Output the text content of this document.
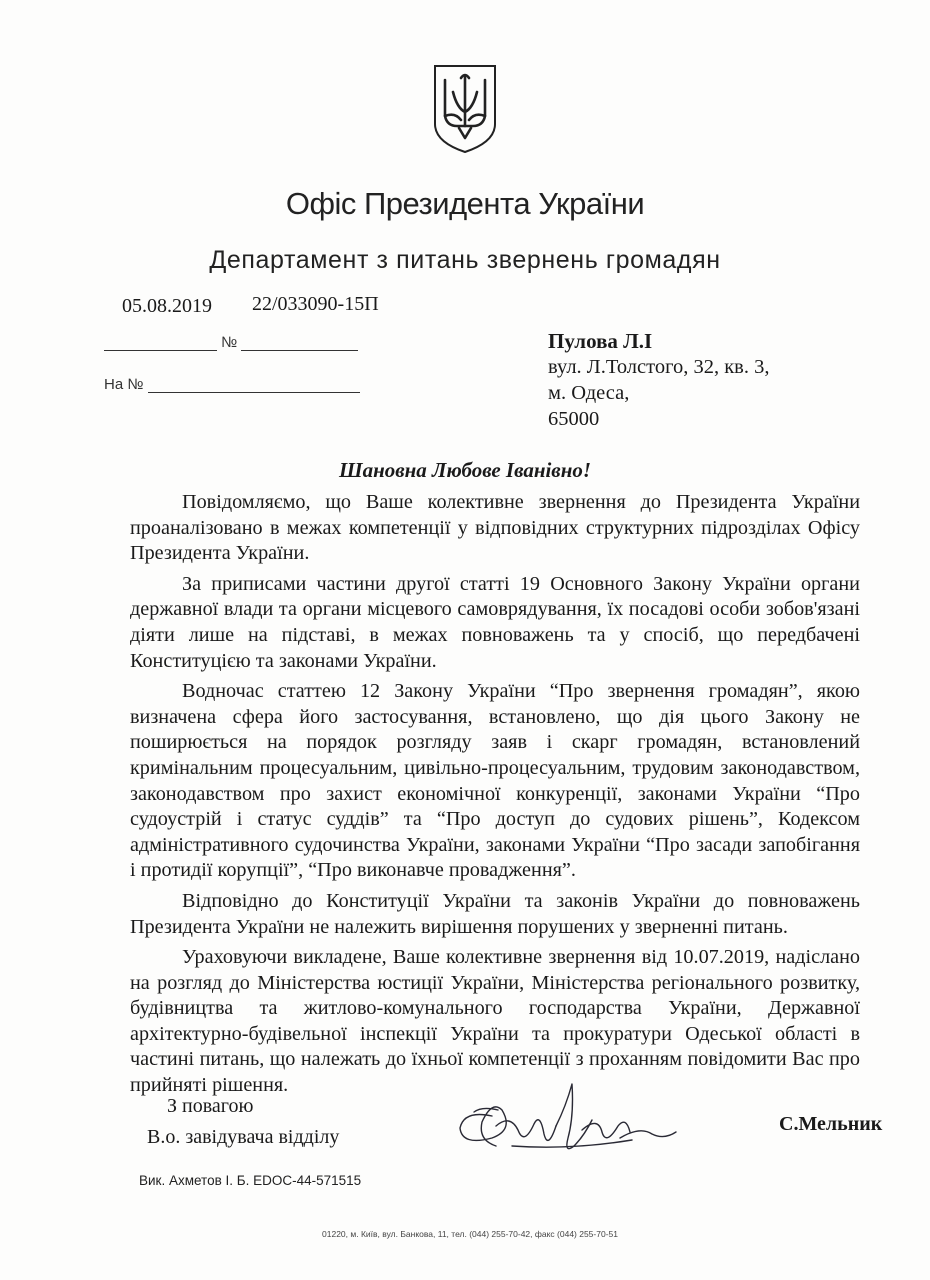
Офіс Президента України
Департамент з питань звернень громадян
05.08.2019 22/033090-15П
№
На №
Пулова Л.І
вул. Л.Толстого, 32, кв. 3,
м. Одеса,
65000
Шановна Любове Іванівно!

Повідомляємо, що Ваше колективне звернення до Президента України проаналізовано в межах компетенції у відповідних структурних підрозділах Офісу Президента України.

За приписами частини другої статті 19 Основного Закону України органи державної влади та органи місцевого самоврядування, їх посадові особи зобов'язані діяти лише на підставі, в межах повноважень та у спосіб, що передбачені Конституцією та законами України.

Водночас статтею 12 Закону України “Про звернення громадян”, якою визначена сфера його застосування, встановлено, що дія цього Закону не поширюється на порядок розгляду заяв і скарг громадян, встановлений кримінальним процесуальним, цивільно-процесуальним, трудовим законодавством, законодавством про захист економічної конкуренції, законами України “Про судоустрій і статус суддів” та “Про доступ до судових рішень”, Кодексом адміністративного судочинства України, законами України “Про засади запобігання і протидії корупції”, “Про виконавче провадження”.

Відповідно до Конституції України та законів України до повноважень Президента України не належить вирішення порушених у зверненні питань.

Ураховуючи викладене, Ваше колективне звернення від 10.07.2019, надіслано на розгляд до Міністерства юстиції України, Міністерства регіонального розвитку, будівництва та житлово-комунального господарства України, Державної архітектурно-будівельної інспекції України та прокуратури Одеської області в частині питань, що належать до їхньої компетенції з проханням повідомити Вас про прийняті рішення.

З повагою
В.о. завідувача відділу
С.Мельник
Вик. Ахметов І. Б. EDOC-44-571515
01220, м. Київ, вул. Банкова, 11, тел. (044) 255-70-42, факс (044) 255-70-51
